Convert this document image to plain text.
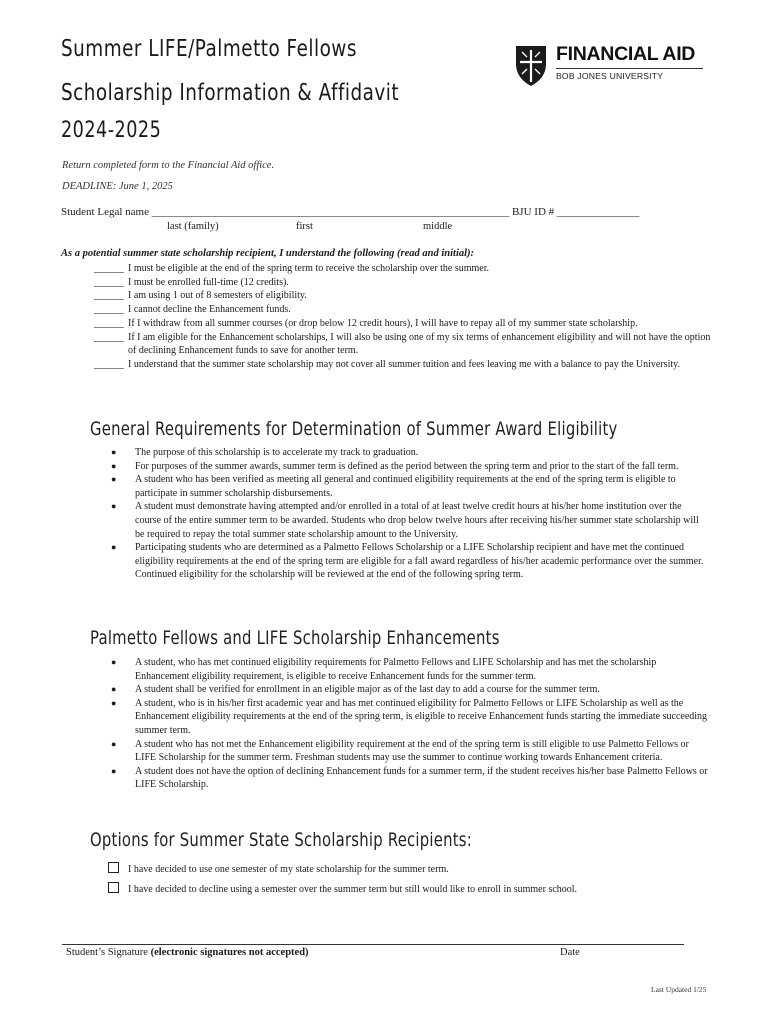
Summer LIFE/Palmetto Fellows
Scholarship Information & Affidavit
2024-2025
FINANCIAL AID
BOB JONES UNIVERSITY
Return completed form to the Financial Aid office.
DEADLINE: June 1, 2025
Student Legal name _________________________________________________________________ BJU ID # _______________
last (family)	first	middle
As a potential summer state scholarship recipient, I understand the following (read and initial):
______ I must be eligible at the end of the spring term to receive the scholarship over the summer.
______ I must be enrolled full-time (12 credits).
______ I am using 1 out of 8 semesters of eligibility.
______ I cannot decline the Enhancement funds.
______ If I withdraw from all summer courses (or drop below 12 credit hours), I will have to repay all of my summer state scholarship.
______ If I am eligible for the Enhancement scholarships, I will also be using one of my six terms of enhancement eligibility and will not have the option of declining Enhancement funds to save for another term.
______ I understand that the summer state scholarship may not cover all summer tuition and fees leaving me with a balance to pay the University.
General Requirements for Determination of Summer Award Eligibility
● The purpose of this scholarship is to accelerate my track to graduation.
● For purposes of the summer awards, summer term is defined as the period between the spring term and prior to the start of the fall term.
● A student who has been verified as meeting all general and continued eligibility requirements at the end of the spring term is eligible to participate in summer scholarship disbursements.
● A student must demonstrate having attempted and/or enrolled in a total of at least twelve credit hours at his/her home institution over the course of the entire summer term to be awarded. Students who drop below twelve hours after receiving his/her summer state scholarship will be required to repay the total summer state scholarship amount to the University.
● Participating students who are determined as a Palmetto Fellows Scholarship or a LIFE Scholarship recipient and have met the continued eligibility requirements at the end of the spring term are eligible for a fall award regardless of his/her academic performance over the summer. Continued eligibility for the scholarship will be reviewed at the end of the following spring term.
Palmetto Fellows and LIFE Scholarship Enhancements
● A student, who has met continued eligibility requirements for Palmetto Fellows and LIFE Scholarship and has met the scholarship Enhancement eligibility requirement, is eligible to receive Enhancement funds for the summer term.
● A student shall be verified for enrollment in an eligible major as of the last day to add a course for the summer term.
● A student, who is in his/her first academic year and has met continued eligibility for Palmetto Fellows or LIFE Scholarship as well as the Enhancement eligibility requirements at the end of the spring term, is eligible to receive Enhancement funds starting the immediate succeeding summer term.
● A student who has not met the Enhancement eligibility requirement at the end of the spring term is still eligible to use Palmetto Fellows or LIFE Scholarship for the summer term. Freshman students may use the summer to continue working towards Enhancement criteria.
● A student does not have the option of declining Enhancement funds for a summer term, if the student receives his/her base Palmetto Fellows or LIFE Scholarship.
Options for Summer State Scholarship Recipients:
I have decided to use one semester of my state scholarship for the summer term.
I have decided to decline using a semester over the summer term but still would like to enroll in summer school.
Student’s Signature (electronic signatures not accepted)	Date
Last Updated 1/25
